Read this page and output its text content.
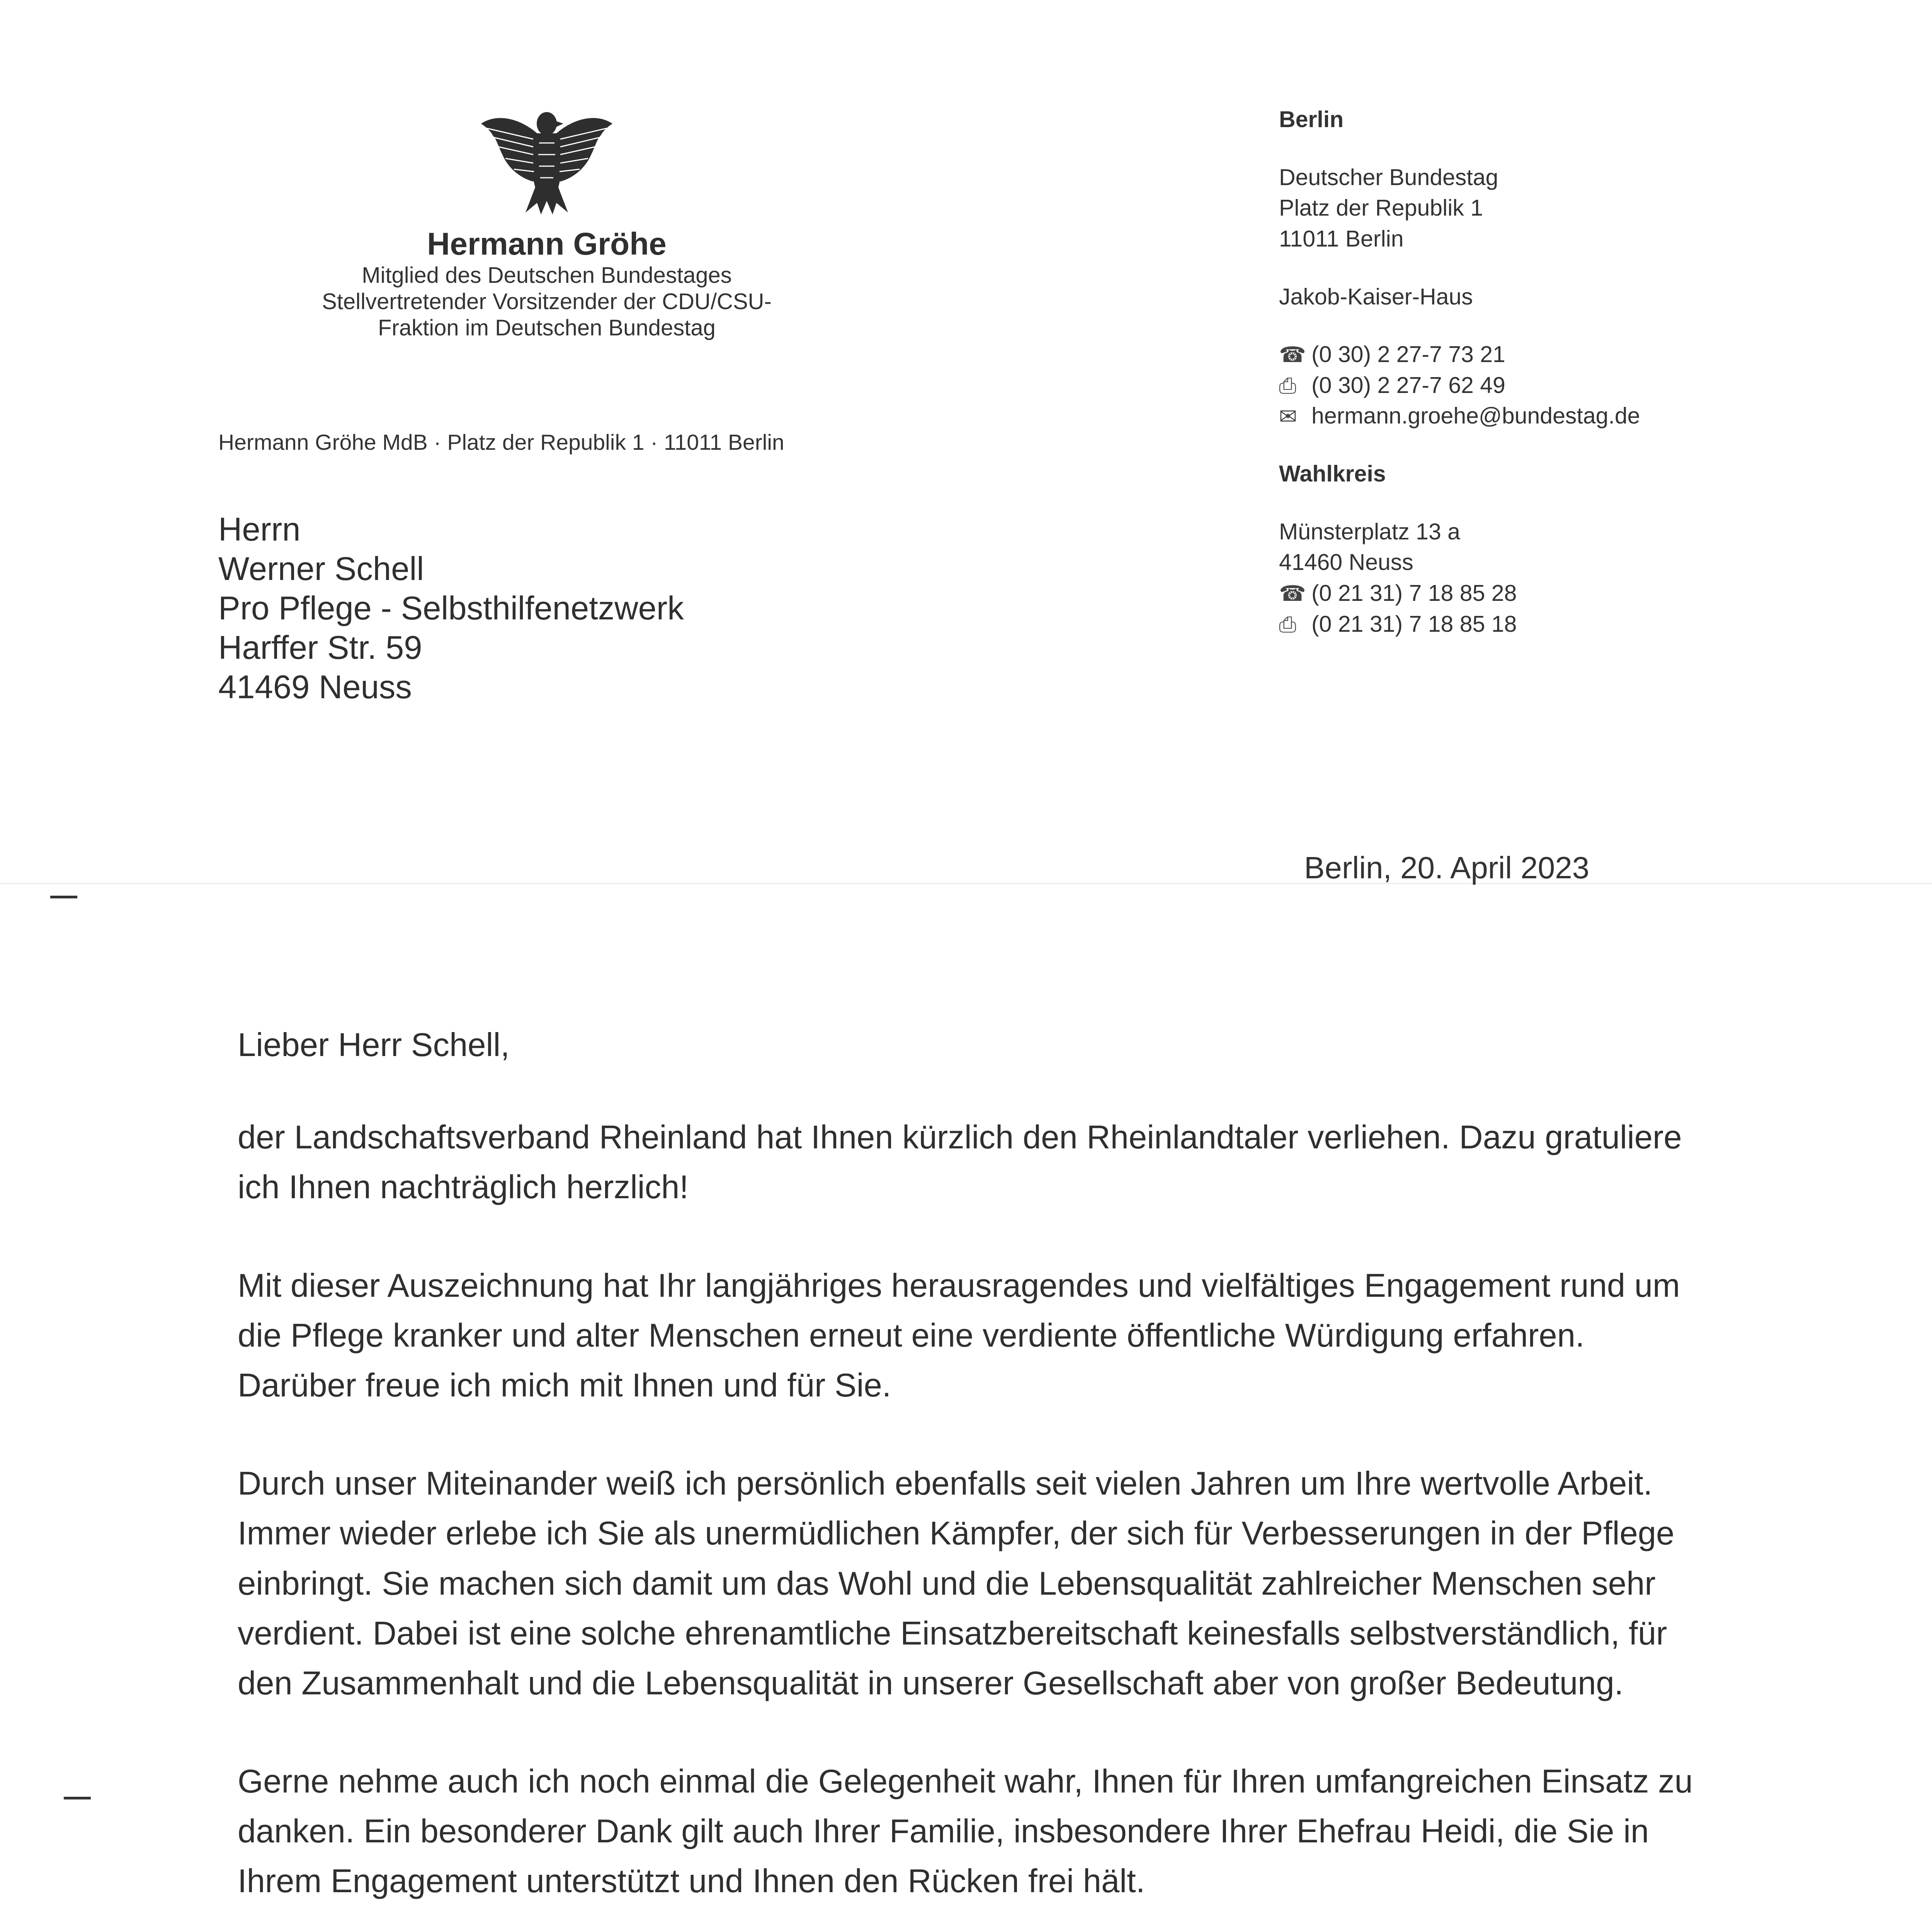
Hermann Gröhe
Mitglied des Deutschen Bundestages
Stellvertretender Vorsitzender der CDU/CSU-
Fraktion im Deutschen Bundestag
Hermann Gröhe MdB · Platz der Republik 1 · 11011 Berlin
Herrn
Werner Schell
Pro Pflege - Selbsthilfenetzwerk
Harffer Str. 59
41469 Neuss
Berlin
Deutscher Bundestag
Platz der Republik 1
11011 Berlin
Jakob-Kaiser-Haus
☎ (0 30) 2 27-7 73 21
⎙ (0 30) 2 27-7 62 49
✉ hermann.groehe@bundestag.de
Wahlkreis
Münsterplatz 13 a
41460 Neuss
☎ (0 21 31) 7 18 85 28
⎙ (0 21 31) 7 18 85 18
Berlin, 20. April 2023

Lieber Herr Schell,

der Landschaftsverband Rheinland hat Ihnen kürzlich den Rheinlandtaler verliehen. Dazu gratuliere ich Ihnen nachträglich herzlich!

Mit dieser Auszeichnung hat Ihr langjähriges herausragendes und vielfältiges Engagement rund um die Pflege kranker und alter Menschen erneut eine verdiente öffentliche Würdigung erfahren. Darüber freue ich mich mit Ihnen und für Sie.

Durch unser Miteinander weiß ich persönlich ebenfalls seit vielen Jahren um Ihre wertvolle Arbeit. Immer wieder erlebe ich Sie als unermüdlichen Kämpfer, der sich für Verbesserungen in der Pflege einbringt. Sie machen sich damit um das Wohl und die Lebensqualität zahlreicher Menschen sehr verdient. Dabei ist eine solche ehrenamtliche Einsatzbereitschaft keinesfalls selbstverständlich, für den Zusammenhalt und die Lebensqualität in unserer Gesellschaft aber von großer Bedeutung.

Gerne nehme auch ich noch einmal die Gelegenheit wahr, Ihnen für Ihren umfangreichen Einsatz zu danken. Ein besonderer Dank gilt auch Ihrer Familie, insbesondere Ihrer Ehefrau Heidi, die Sie in Ihrem Engagement unterstützt und Ihnen den Rücken frei hält.
